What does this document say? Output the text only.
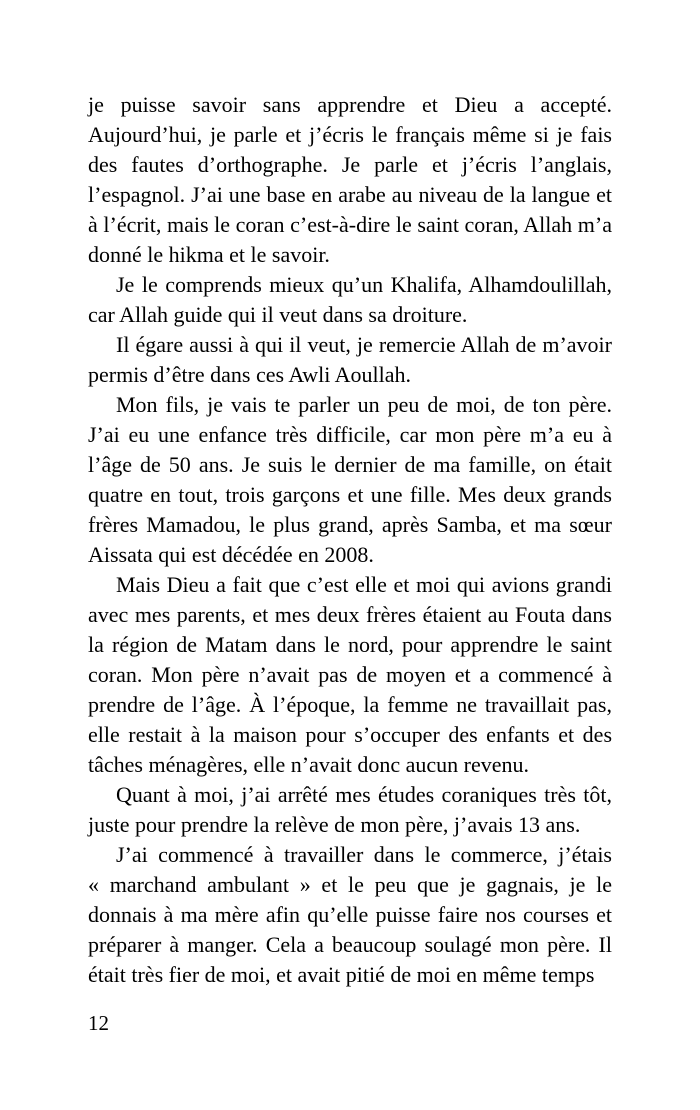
je puisse savoir sans apprendre et Dieu a accepté. Aujourd’hui, je parle et j’écris le français même si je fais des fautes d’orthographe. Je parle et j’écris l’anglais, l’espagnol. J’ai une base en arabe au niveau de la langue et à l’écrit, mais le coran c’est-à-dire le saint coran, Allah m’a donné le hikma et le savoir.

Je le comprends mieux qu’un Khalifa, Alhamdoulillah, car Allah guide qui il veut dans sa droiture.

Il égare aussi à qui il veut, je remercie Allah de m’avoir permis d’être dans ces Awli Aoullah.

Mon fils, je vais te parler un peu de moi, de ton père. J’ai eu une enfance très difficile, car mon père m’a eu à l’âge de 50 ans. Je suis le dernier de ma famille, on était quatre en tout, trois garçons et une fille. Mes deux grands frères Mamadou, le plus grand, après Samba, et ma sœur Aissata qui est décédée en 2008.

Mais Dieu a fait que c’est elle et moi qui avions grandi avec mes parents, et mes deux frères étaient au Fouta dans la région de Matam dans le nord, pour apprendre le saint coran. Mon père n’avait pas de moyen et a commencé à prendre de l’âge. À l’époque, la femme ne travaillait pas, elle restait à la maison pour s’occuper des enfants et des tâches ménagères, elle n’avait donc aucun revenu.

Quant à moi, j’ai arrêté mes études coraniques très tôt, juste pour prendre la relève de mon père, j’avais 13 ans.

J’ai commencé à travailler dans le commerce, j’étais « marchand ambulant » et le peu que je gagnais, je le donnais à ma mère afin qu’elle puisse faire nos courses et préparer à manger. Cela a beaucoup soulagé mon père. Il était très fier de moi, et avait pitié de moi en même temps

12
